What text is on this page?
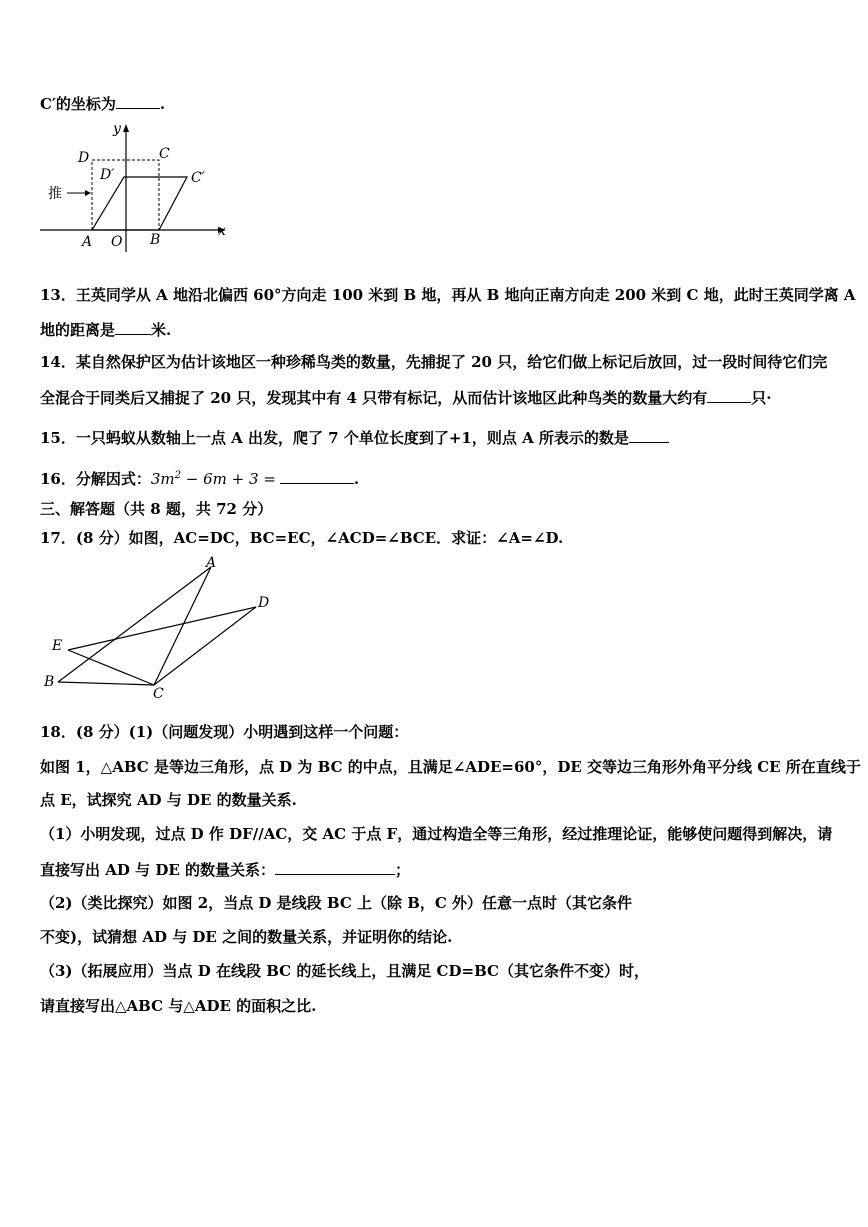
C′的坐标为	.
y
x
D	C
D′	C′
推
A O B
13．王英同学从 A 地沿北偏西 60°方向走 100 米到 B 地，再从 B 地向正南方向走 200 米到 C 地，此时王英同学离 A
地的距离是 米.
14．某自然保护区为估计该地区一种珍稀鸟类的数量，先捕捉了 20 只，给它们做上标记后放回，过一段时间待它们完
全混合于同类后又捕捉了 20 只，发现其中有 4 只带有标记，从而估计该地区此种鸟类的数量大约有	只·
15．一只蚂蚁从数轴上一点 A 出发，爬了 7 个单位长度到了+1，则点 A 所表示的数是
16．分解因式：$3m^2 - 6m + 3$ =	.
三、解答题（共 8 题，共 72 分）
17．(8 分）如图，AC=DC，BC=EC，∠ACD=∠BCE．求证：∠A=∠D.
A
D
E
B
C
18．(8 分）(1)（问题发现）小明遇到这样一个问题：
如图 1，△ABC 是等边三角形，点 D 为 BC 的中点，且满足∠ADE=60°，DE 交等边三角形外角平分线 CE 所在直线于
点 E，试探究 AD 与 DE 的数量关系.
（1）小明发现，过点 D 作 DF//AC，交 AC 于点 F，通过构造全等三角形，经过推理论证，能够使问题得到解决，请
直接写出 AD 与 DE 的数量关系：	；
（2)（类比探究）如图 2，当点 D 是线段 BC 上（除 B，C 外）任意一点时（其它条件
不变)，试猜想 AD 与 DE 之间的数量关系，并证明你的结论.
（3)（拓展应用）当点 D 在线段 BC 的延长线上，且满足 CD=BC（其它条件不变）时，
请直接写出△ABC 与△ADE 的面积之比.
